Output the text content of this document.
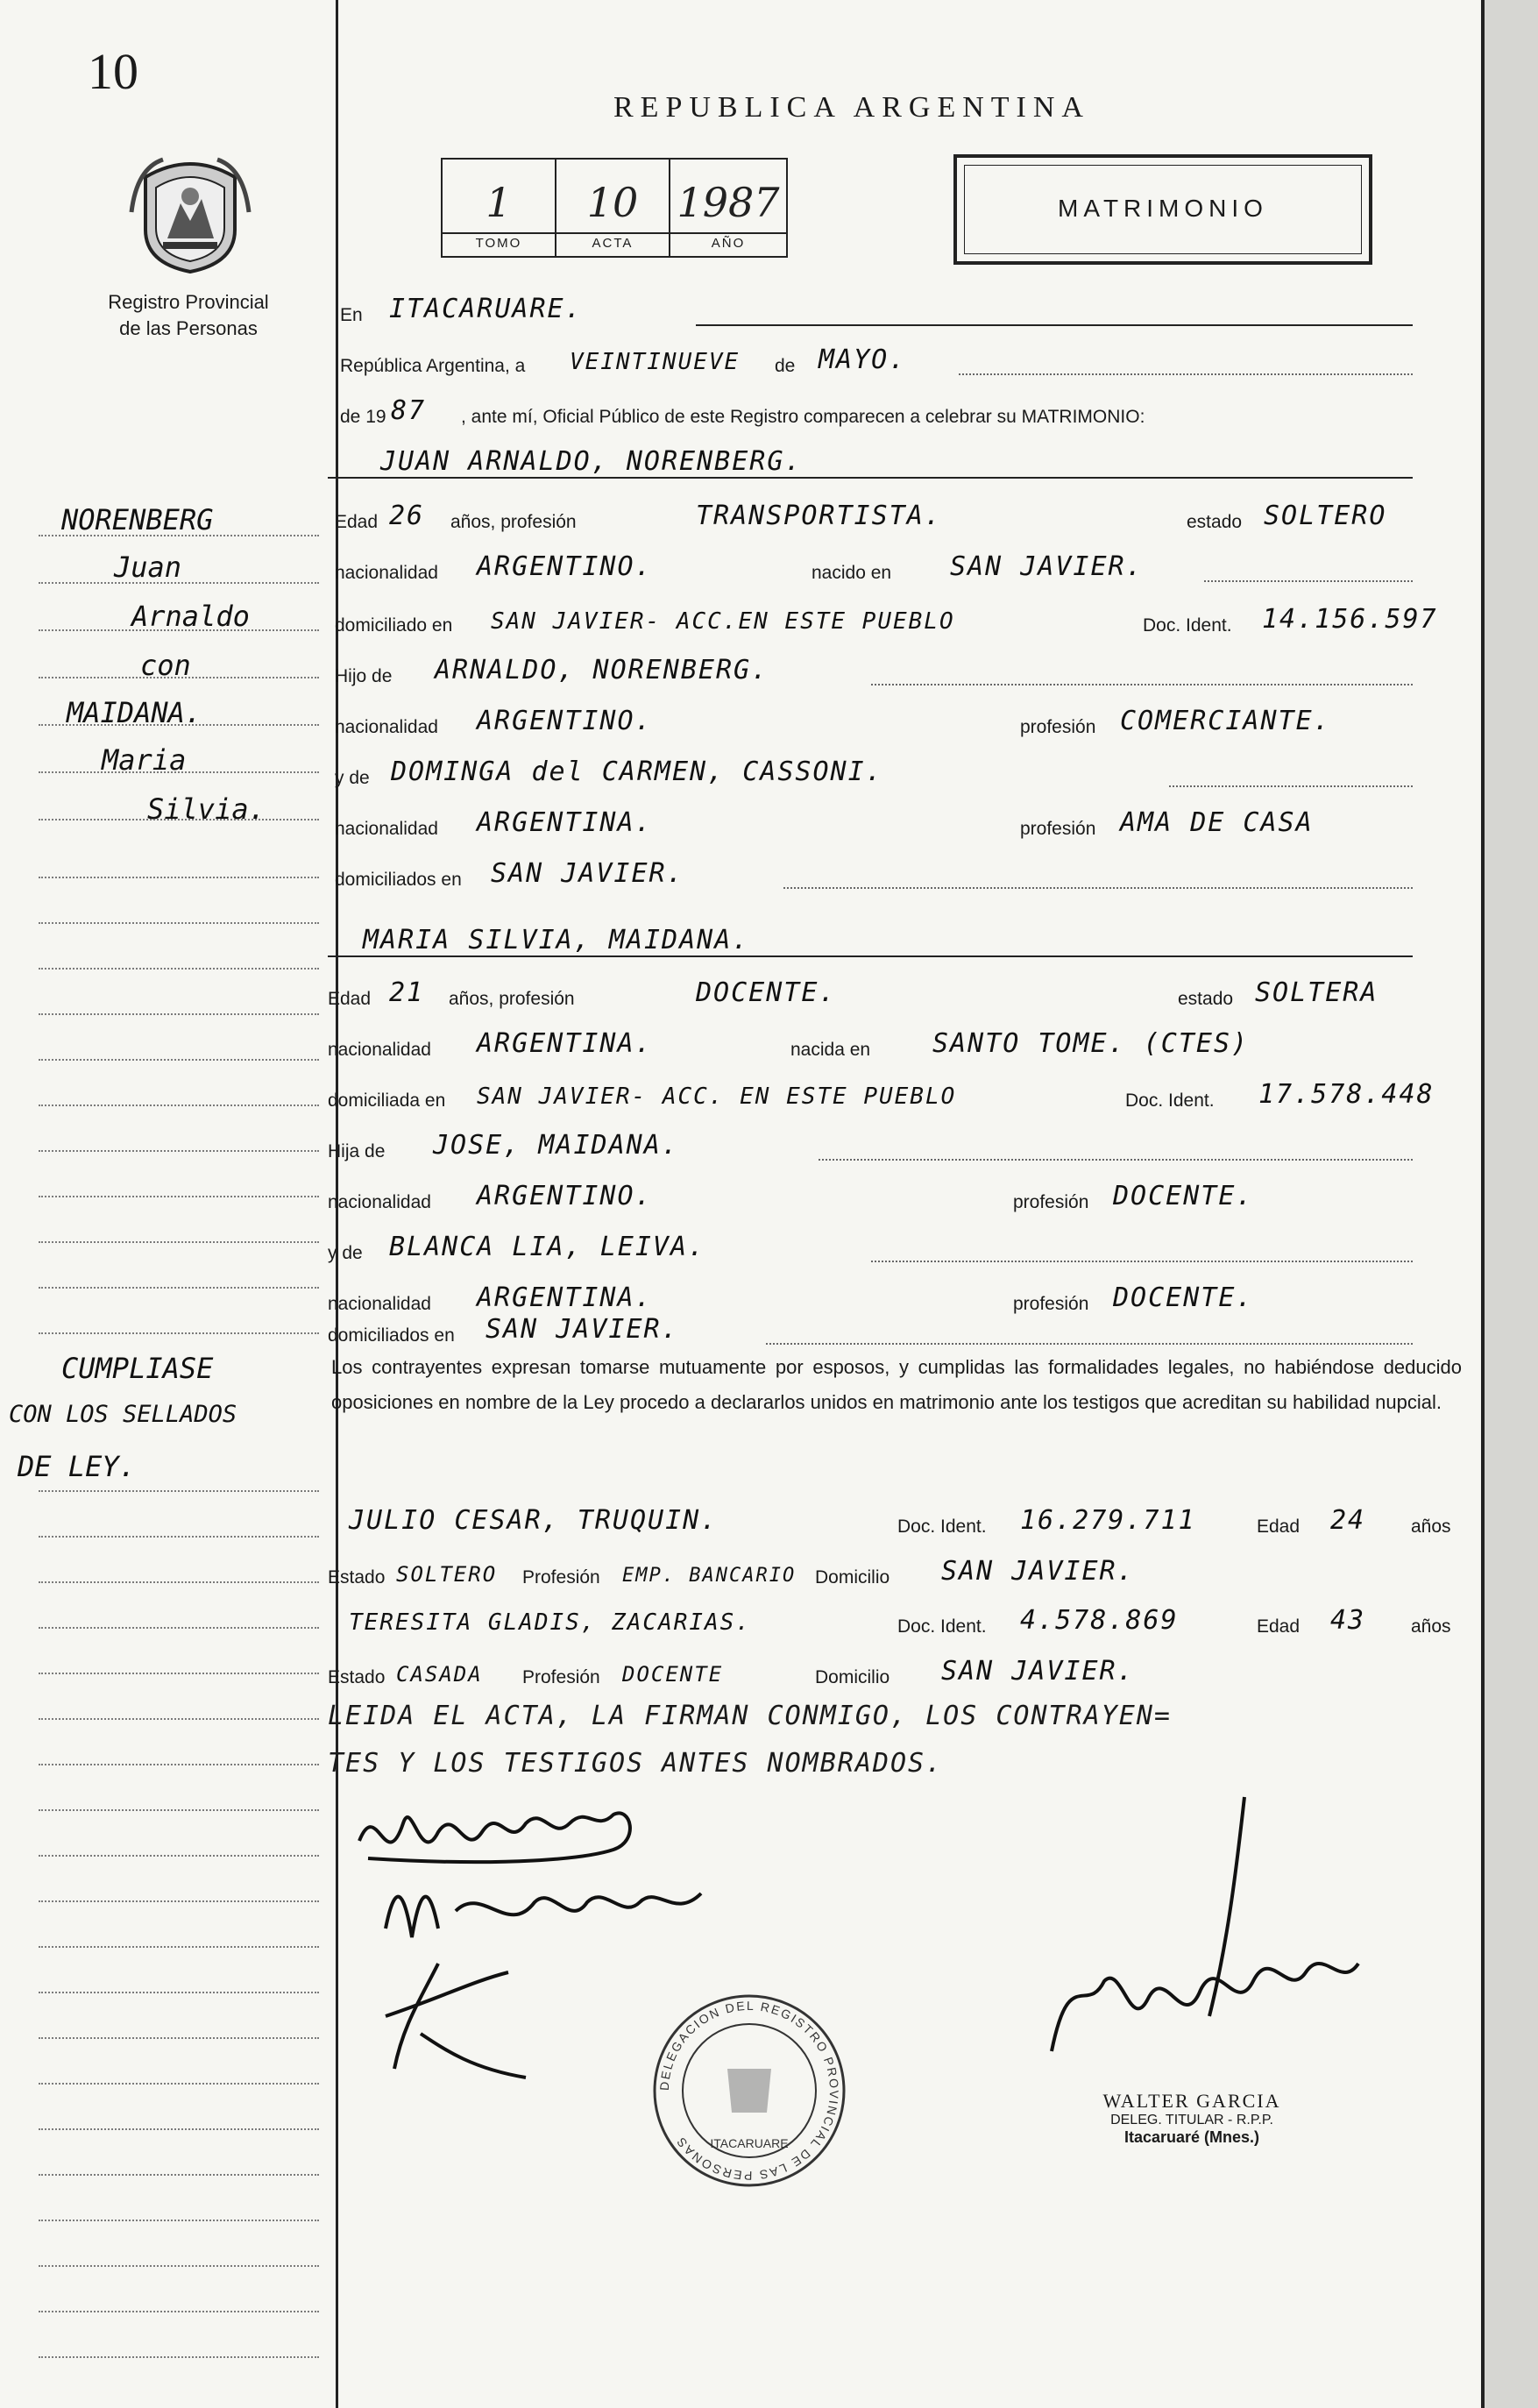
10
Registro Provincial
de las Personas
REPUBLICA ARGENTINA
1
TOMO
10
ACTA
1987
AÑO
MATRIMONIO
En ITACARUARE.
República Argentina, a VEINTINUEVE de MAYO.
de 19 87 , ante mí, Oficial Público de este Registro comparecen a celebrar su MATRIMONIO:
JUAN ARNALDO, NORENBERG.
Edad 26 años, profesión	TRANSPORTISTA.	estado SOLTERO
nacionalidad ARGENTINO.	nacido en SAN JAVIER.
domiciliado en SAN JAVIER- ACC.EN ESTE PUEBLO	Doc. Ident. 14.156.597
Hijo de ARNALDO, NORENBERG.
nacionalidad ARGENTINO.	profesión COMERCIANTE.
y de DOMINGA del CARMEN, CASSONI.
nacionalidad ARGENTINA.	profesión AMA DE CASA
domiciliados en SAN JAVIER.
MARIA SILVIA, MAIDANA.
Edad 21 años, profesión	DOCENTE.	estado SOLTERA
nacionalidad ARGENTINA.	nacida en SANTO TOME. (CTES)
domiciliada en SAN JAVIER- ACC. EN ESTE PUEBLO	Doc. Ident. 17.578.448
Hija de JOSE, MAIDANA.
nacionalidad ARGENTINO.	profesión DOCENTE.
y de BLANCA LIA, LEIVA.
nacionalidad ARGENTINA.	profesión DOCENTE.
domiciliados en SAN JAVIER.
Los contrayentes expresan tomarse mutuamente por esposos, y cumplidas las formalidades legales, no habiéndose deducido oposiciones en nombre de la Ley procedo a declararlos unidos en matrimonio ante los testigos que acreditan su habilidad nupcial.
JULIO CESAR, TRUQUIN.	Doc. Ident. 16.279.711	Edad 24 años
Estado SOLTERO Profesión EMP. BANCARIO Domicilio SAN JAVIER.
TERESITA GLADIS, ZACARIAS.	Doc. Ident. 4.578.869	Edad 43 años
Estado CASADA Profesión DOCENTE	Domicilio SAN JAVIER.
LEIDA EL ACTA, LA FIRMAN CONMIGO, LOS CONTRAYEN=
TES Y LOS TESTIGOS ANTES NOMBRADOS.
NORENBERG
Juan
Arnaldo
con
MAIDANA.
Maria
Silvia.
CUMPLIASE
CON LOS SELLADOS
DE LEY.
DELEGACION DEL REGISTRO PROVINCIAL DE LAS PERSONAS	ITACARUARE
WALTER GARCIA
DELEG. TITULAR - R.P.P.
Itacaruaré (Mnes.)
